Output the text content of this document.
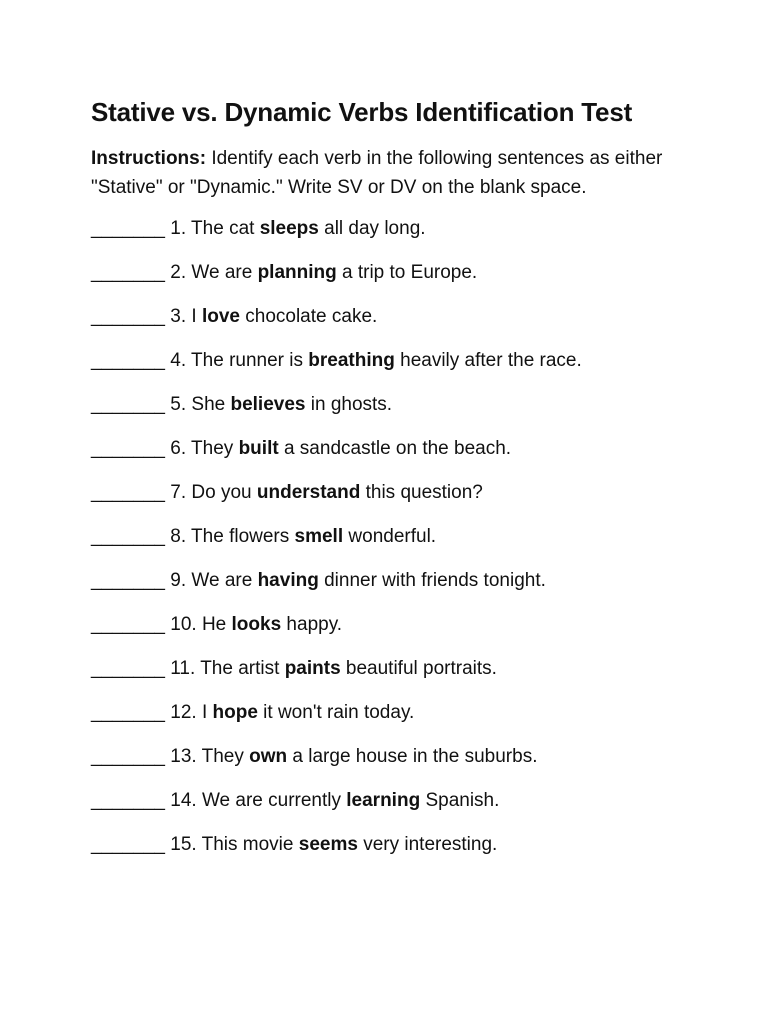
Stative vs. Dynamic Verbs Identification Test

Instructions: Identify each verb in the following sentences as either "Stative" or "Dynamic." Write SV or DV on the blank space.

_______ 1. The cat sleeps all day long.
_______ 2. We are planning a trip to Europe.
_______ 3. I love chocolate cake.
_______ 4. The runner is breathing heavily after the race.
_______ 5. She believes in ghosts.
_______ 6. They built a sandcastle on the beach.
_______ 7. Do you understand this question?
_______ 8. The flowers smell wonderful.
_______ 9. We are having dinner with friends tonight.
_______ 10. He looks happy.
_______ 11. The artist paints beautiful portraits.
_______ 12. I hope it won't rain today.
_______ 13. They own a large house in the suburbs.
_______ 14. We are currently learning Spanish.
_______ 15. This movie seems very interesting.
